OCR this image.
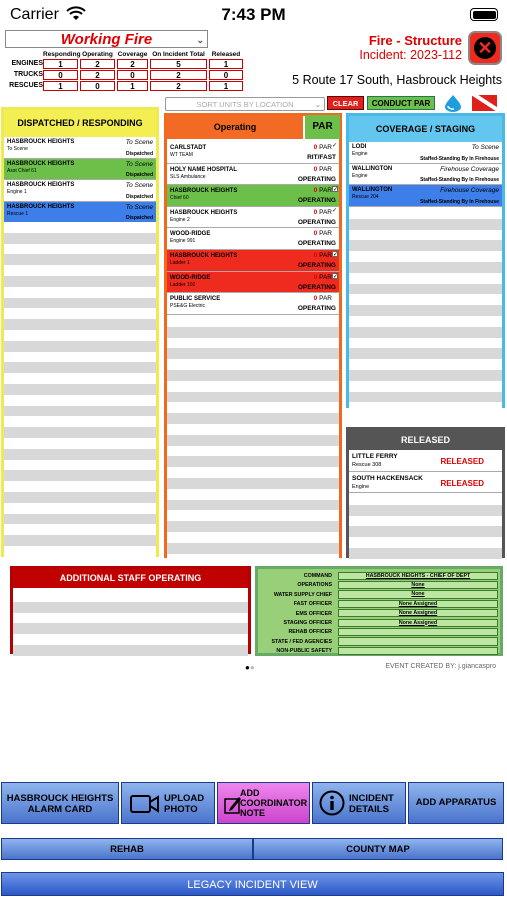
Carrier	7:43 PM
Working Fire	⌄
Responding Operating Coverage On Incident Total	Released
ENGINES	1	2	2	5	1
TRUCKS	0	2	0	2	0
RESCUES	1	0	1	2	1
Fire - Structure
Incident: 2023-112 ✕
5 Route 17 South, Hasbrouck Heights
SORT UNITS BY LOCATION	⌄	CLEAR	CONDUCT PAR
DISPATCHED / RESPONDING
HASBROUCK HEIGHTS
To Scene
To Scene
Dispatched
HASBROUCK HEIGHTS
Asst Chief 61
To Scene
Dispatched
HASBROUCK HEIGHTS
Engine 1
To Scene
Dispatched
HASBROUCK HEIGHTS
Rescue 1
To Scene
Dispatched
CARLSTADT
WT TEAM
0 PAR ✓
RIT/FAST
HOLY NAME HOSPITAL
SLS Ambulance
0 PAR
OPERATING
HASBROUCK HEIGHTS
Chief 60
0 PAR ✓
OPERATING
HASBROUCK HEIGHTS
Engine 2
0 PAR ✓
OPERATING
WOOD-RIDGE
Engine 991
0 PAR
OPERATING
HASBROUCK HEIGHTS
Ladder 1
0 PAR ✓
OPERATING
WOOD-RIDGE
Ladder 102
0 PAR ✓
OPERATING
PUBLIC SERVICE
PSE&G Electric
0 PAR
OPERATING
Operating	PAR	COVERAGE / STAGING
LODI
Engine
To Scene
Staffed-Standing By In Firehouse
WALLINGTON
Engine
Firehouse Coverage
Staffed-Standing By In Firehouse
WALLINGTON
Rescue 204
Firehouse Coverage
Staffed-Standing By In Firehouse
RELEASED
LITTLE FERRY
Rescue 308	RELEASED
SOUTH HACKENSACK
Engine	RELEASED
ADDITIONAL STAFF OPERATING	COMMAND	HASBROUCK HEIGHTS - CHIEF OF DEPT
OPERATIONS	None
WATER SUPPLY CHIEF	None
FAST OFFICER	None Assigned
EMS OFFICER	None Assigned
STAGING OFFICER	None Assigned
REHAB OFFICER
STATE / FED AGENCIES
NON-PUBLIC SAFETY
●●	EVENT CREATED BY: j.giancaspro
HASBROUCK HEIGHTS
ALARM CARD
UPLOAD
PHOTO
ADD
COORDINATOR
NOTE
INCIDENT
DETAILS
ADD APPARATUS
REHAB	COUNTY MAP
LEGACY INCIDENT VIEW
